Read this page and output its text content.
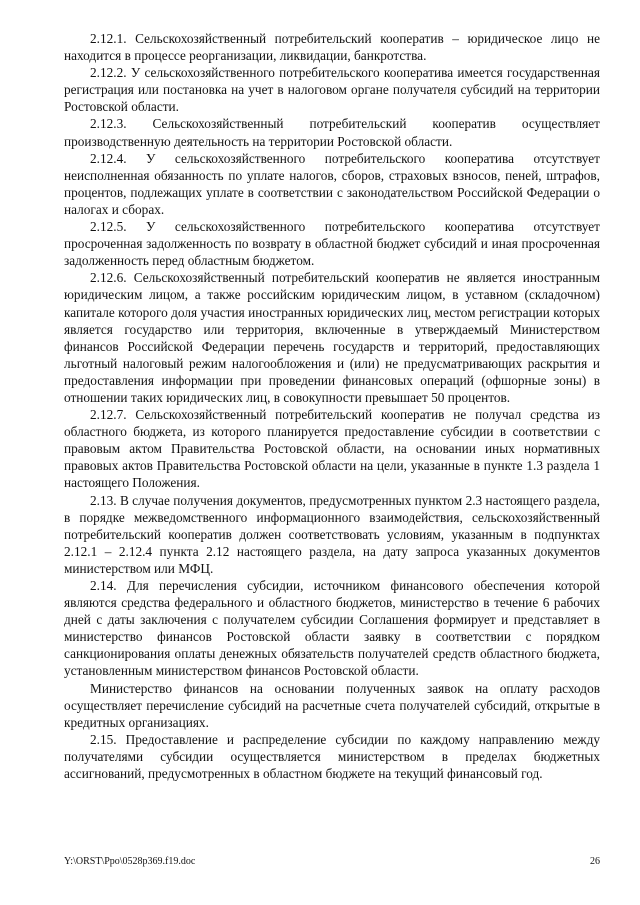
2.12.1. Сельскохозяйственный потребительский кооператив – юридическое лицо не находится в процессе реорганизации, ликвидации, банкротства.

2.12.2. У сельскохозяйственного потребительского кооператива имеется государственная регистрация или постановка на учет в налоговом органе получателя субсидий на территории Ростовской области.

2.12.3. Сельскохозяйственный потребительский кооператив осуществляет производственную деятельность на территории Ростовской области.

2.12.4. У сельскохозяйственного потребительского кооператива отсутствует неисполненная обязанность по уплате налогов, сборов, страховых взносов, пеней, штрафов, процентов, подлежащих уплате в соответствии с законодательством Российской Федерации о налогах и сборах.

2.12.5. У сельскохозяйственного потребительского кооператива отсутствует просроченная задолженность по возврату в областной бюджет субсидий и иная просроченная задолженность перед областным бюджетом.

2.12.6. Сельскохозяйственный потребительский кооператив не является иностранным юридическим лицом, а также российским юридическим лицом, в уставном (складочном) капитале которого доля участия иностранных юридических лиц, местом регистрации которых является государство или территория, включенные в утверждаемый Министерством финансов Российской Федерации перечень государств и территорий, предоставляющих льготный налоговый режим налогообложения и (или) не предусматривающих раскрытия и предоставления информации при проведении финансовых операций (офшорные зоны) в отношении таких юридических лиц, в совокупности превышает 50 процентов.

2.12.7. Сельскохозяйственный потребительский кооператив не получал средства из областного бюджета, из которого планируется предоставление субсидии в соответствии с правовым актом Правительства Ростовской области, на основании иных нормативных правовых актов Правительства Ростовской области на цели, указанные в пункте 1.3 раздела 1 настоящего Положения.

2.13. В случае получения документов, предусмотренных пунктом 2.3 настоящего раздела, в порядке межведомственного информационного взаимодействия, сельскохозяйственный потребительский кооператив должен соответствовать условиям, указанным в подпунктах 2.12.1 – 2.12.4 пункта 2.12 настоящего раздела, на дату запроса указанных документов министерством или МФЦ.

2.14. Для перечисления субсидии, источником финансового обеспечения которой являются средства федерального и областного бюджетов, министерство в течение 6 рабочих дней с даты заключения с получателем субсидии Соглашения формирует и представляет в министерство финансов Ростовской области заявку в соответствии с порядком санкционирования оплаты денежных обязательств получателей средств областного бюджета, установленным министерством финансов Ростовской области.

Министерство финансов на основании полученных заявок на оплату расходов осуществляет перечисление субсидий на расчетные счета получателей субсидий, открытые в кредитных организациях.

2.15. Предоставление и распределение субсидии по каждому направлению между получателями субсидии осуществляется министерством в пределах бюджетных ассигнований, предусмотренных в областном бюджете на текущий финансовый год.

Y:\ORST\Ppo\0528p369.f19.doc	26
